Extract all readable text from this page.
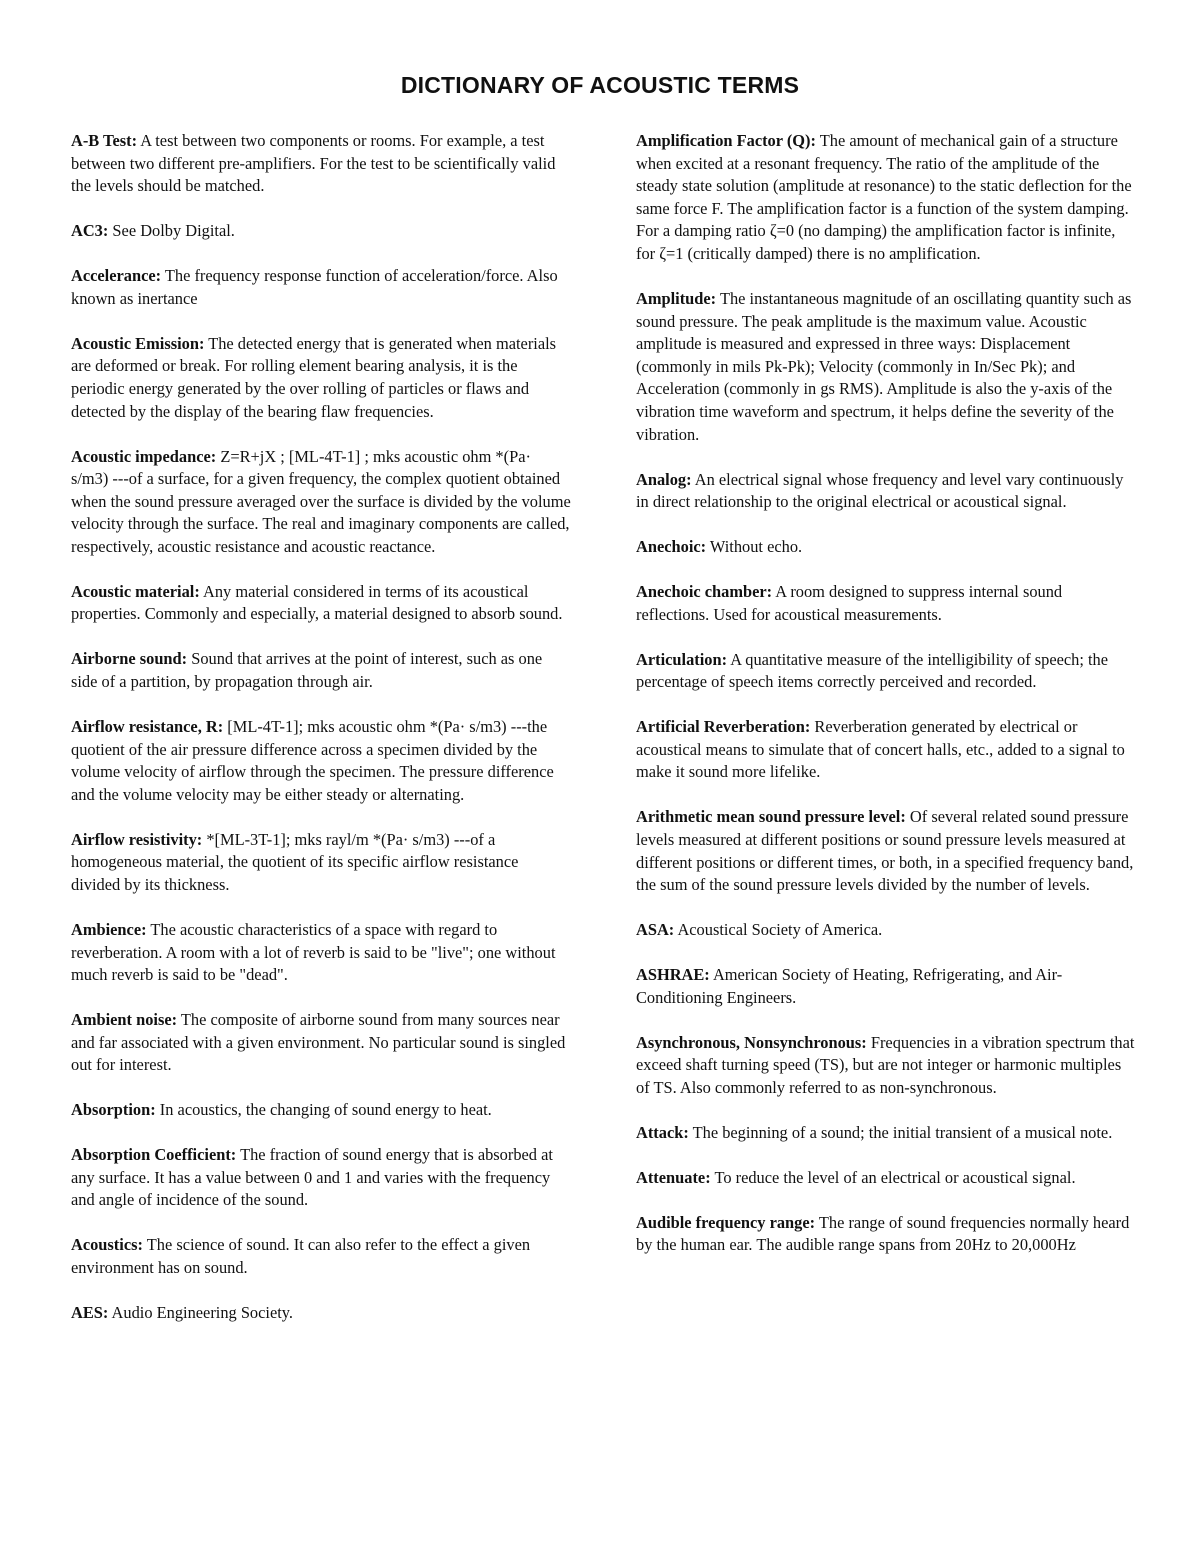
DICTIONARY OF ACOUSTIC TERMS

A-B Test: A test between two components or rooms. For example, a test between two different pre-amplifiers. For the test to be scientifically valid the levels should be matched.

AC3: See Dolby Digital.

Accelerance: The frequency response function of acceleration/force. Also known as inertance

Acoustic Emission: The detected energy that is generated when materials are deformed or break. For rolling element bearing analysis, it is the periodic energy generated by the over rolling of particles or flaws and detected by the display of the bearing flaw frequencies.

Acoustic impedance: Z=R+jX ; [ML-4T-1] ; mks acoustic ohm *(Pa· s/m3) ---of a surface, for a given frequency, the complex quotient obtained when the sound pressure averaged over the surface is divided by the volume velocity through the surface. The real and imaginary components are called, respectively, acoustic resistance and acoustic reactance.

Acoustic material: Any material considered in terms of its acoustical properties. Commonly and especially, a material designed to absorb sound.

Airborne sound: Sound that arrives at the point of interest, such as one side of a partition, by propagation through air.

Airflow resistance, R: [ML-4T-1]; mks acoustic ohm *(Pa· s/m3) ---the quotient of the air pressure difference across a specimen divided by the volume velocity of airflow through the specimen. The pressure difference and the volume velocity may be either steady or alternating.

Airflow resistivity: *[ML-3T-1]; mks rayl/m *(Pa· s/m3) ---of a homogeneous material, the quotient of its specific airflow resistance divided by its thickness.

Ambience: The acoustic characteristics of a space with regard to reverberation. A room with a lot of reverb is said to be "live"; one without much reverb is said to be "dead".

Ambient noise: The composite of airborne sound from many sources near and far associated with a given environment. No particular sound is singled out for interest.

Absorption: In acoustics, the changing of sound energy to heat.

Absorption Coefficient: The fraction of sound energy that is absorbed at any surface. It has a value between 0 and 1 and varies with the frequency and angle of incidence of the sound.

Acoustics: The science of sound. It can also refer to the effect a given environment has on sound.

AES: Audio Engineering Society.

Amplification Factor (Q): The amount of mechanical gain of a structure when excited at a resonant frequency. The ratio of the amplitude of the steady state solution (amplitude at resonance) to the static deflection for the same force F. The amplification factor is a function of the system damping. For a damping ratio ζ=0 (no damping) the amplification factor is infinite, for ζ=1 (critically damped) there is no amplification.

Amplitude: The instantaneous magnitude of an oscillating quantity such as sound pressure. The peak amplitude is the maximum value. Acoustic amplitude is measured and expressed in three ways: Displacement (commonly in mils Pk-Pk); Velocity (commonly in In/Sec Pk); and Acceleration (commonly in gs RMS). Amplitude is also the y-axis of the vibration time waveform and spectrum, it helps define the severity of the vibration.

Analog: An electrical signal whose frequency and level vary continuously in direct relationship to the original electrical or acoustical signal.

Anechoic: Without echo.

Anechoic chamber: A room designed to suppress internal sound reflections. Used for acoustical measurements.

Articulation: A quantitative measure of the intelligibility of speech; the percentage of speech items correctly perceived and recorded.

Artificial Reverberation: Reverberation generated by electrical or acoustical means to simulate that of concert halls, etc., added to a signal to make it sound more lifelike.

Arithmetic mean sound pressure level: Of several related sound pressure levels measured at different positions or sound pressure levels measured at different positions or different times, or both, in a specified frequency band, the sum of the sound pressure levels divided by the number of levels.

ASA: Acoustical Society of America.

ASHRAE: American Society of Heating, Refrigerating, and Air-Conditioning Engineers.

Asynchronous, Nonsynchronous: Frequencies in a vibration spectrum that exceed shaft turning speed (TS), but are not integer or harmonic multiples of TS. Also commonly referred to as non-synchronous.

Attack: The beginning of a sound; the initial transient of a musical note.

Attenuate: To reduce the level of an electrical or acoustical signal.

Audible frequency range: The range of sound frequencies normally heard by the human ear. The audible range spans from 20Hz to 20,000Hz
